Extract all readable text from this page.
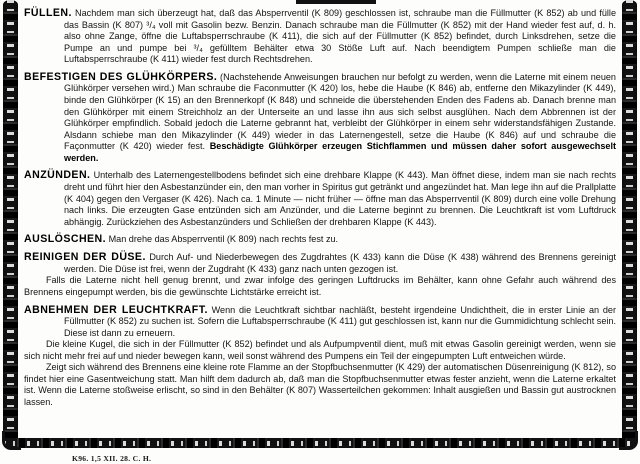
FÜLLEN. Nachdem man sich überzeugt hat, daß das Absperrventil (K 809) geschlossen ist, schraube man die Füllmutter (K 852) ab und fülle das Bassin (K 807) ³/₄ voll mit Gasolin bezw. Benzin. Danach schraube man die Füllmutter (K 852) mit der Hand wieder fest auf, d. h. also ohne Zange, öffne die Luftabsperrschraube (K 411), die sich auf der Füllmutter (K 852) befindet, durch Linksdrehen, setze die Pumpe an und pumpe bei ³/₄ gefülltem Behälter etwa 30 Stöße Luft auf. Nach beendigtem Pumpen schließe man die Luftabsperrschraube (K 411) wieder fest durch Rechtsdrehen.

BEFESTIGEN DES GLÜHKÖRPERS. (Nachstehende Anweisungen brauchen nur befolgt zu werden, wenn die Laterne mit einem neuen Glühkörper versehen wird.) Man schraube die Faconmutter (K 420) los, hebe die Haube (K 846) ab, entferne den Mikazylinder (K 449), binde den Glühkörper (K 15) an den Brennerkopf (K 848) und schneide die überstehenden Enden des Fadens ab. Danach brenne man den Glühkörper mit einem Streichholz an der Unterseite an und lasse ihn aus sich selbst ausglühen. Nach dem Abbrennen ist der Glühkörper empfindlich. Sobald jedoch die Laterne gebrannt hat, verbleibt der Glühkörper in einem sehr widerstandsfähigen Zustande. Alsdann schiebe man den Mikazylinder (K 449) wieder in das Laternengestell, setze die Haube (K 846) auf und schraube die Façonmutter (K 420) wieder fest. Beschädigte Glühkörper erzeugen Stichflammen und müssen daher sofort ausgewechselt werden.

ANZÜNDEN. Unterhalb des Laternengestellbodens befindet sich eine drehbare Klappe (K 443). Man öffnet diese, indem man sie nach rechts dreht und führt hier den Asbestanzünder ein, den man vorher in Spiritus gut getränkt und angezündet hat. Man lege ihn auf die Prallplatte (K 404) gegen den Vergaser (K 426). Nach ca. 1 Minute — nicht früher — öffne man das Absperrventil (K 809) durch eine volle Drehung nach links. Die erzeugten Gase entzünden sich am Anzünder, und die Laterne beginnt zu brennen. Die Leuchtkraft ist vom Luftdruck abhängig. Zurückziehen des Asbestanzünders und Schließen der drehbaren Klappe (K 443).

AUSLÖSCHEN. Man drehe das Absperrventil (K 809) nach rechts fest zu.

REINIGEN DER DÜSE. Durch Auf- und Niederbewegen des Zugdrahtes (K 433) kann die Düse (K 438) während des Brennens gereinigt werden. Die Düse ist frei, wenn der Zugdraht (K 433) ganz nach unten gezogen ist.

Falls die Laterne nicht hell genug brennt, und zwar infolge des geringen Luftdrucks im Behälter, kann ohne Gefahr auch während des Brennens eingepumpt werden, bis die gewünschte Lichtstärke erreicht ist.

ABNEHMEN DER LEUCHTKRAFT. Wenn die Leuchtkraft sichtbar nachläßt, besteht irgendeine Undichtheit, die in erster Linie an der Füllmutter (K 852) zu suchen ist. Sofern die Luftabsperrschraube (K 411) gut geschlossen ist, kann nur die Gummidichtung schlecht sein. Diese ist dann zu erneuern.

Die kleine Kugel, die sich in der Füllmutter (K 852) befindet und als Aufpumpventil dient, muß mit etwas Gasolin gereinigt werden, wenn sie sich nicht mehr frei auf und nieder bewegen kann, weil sonst während des Pumpens ein Teil der eingepumpten Luft entweichen würde.

Zeigt sich während des Brennens eine kleine rote Flamme an der Stopfbuchsenmutter (K 429) der automatischen Düsenreinigung (K 812), so findet hier eine Gasentweichung statt. Man hilft dem dadurch ab, daß man die Stopfbuchsenmutter etwas fester anzieht, wenn die Laterne erkaltet ist. Wenn die Laterne stoßweise erlischt, so sind in den Behälter (K 807) Wasserteilchen gekommen: Inhalt ausgießen und Bassin gut austrocknen lassen.

K96. 1,5 XII. 28. C. H.
